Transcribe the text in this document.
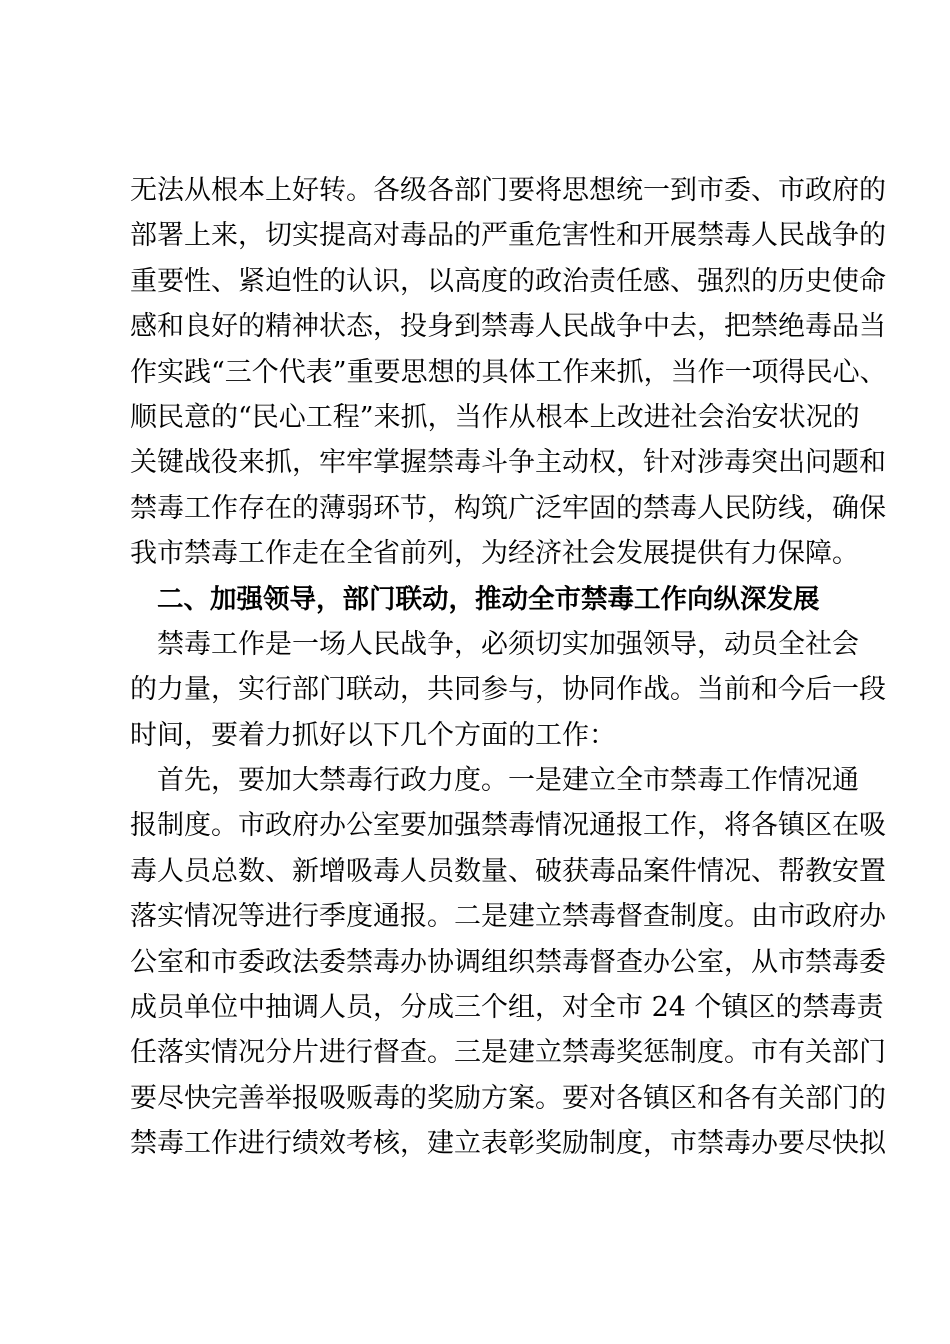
无法从根本上好转。各级各部门要将思想统一到市委、市政府的
部署上来，切实提高对毒品的严重危害性和开展禁毒人民战争的
重要性、紧迫性的认识，以高度的政治责任感、强烈的历史使命
感和良好的精神状态，投身到禁毒人民战争中去，把禁绝毒品当
作实践“三个代表”重要思想的具体工作来抓，当作一项得民心、
顺民意的“民心工程”来抓，当作从根本上改进社会治安状况的
关键战役来抓，牢牢掌握禁毒斗争主动权，针对涉毒突出问题和
禁毒工作存在的薄弱环节，构筑广泛牢固的禁毒人民防线，确保
我市禁毒工作走在全省前列，为经济社会发展提供有力保障。
二、加强领导，部门联动，推动全市禁毒工作向纵深发展
禁毒工作是一场人民战争，必须切实加强领导，动员全社会
的力量，实行部门联动，共同参与，协同作战。当前和今后一段
时间，要着力抓好以下几个方面的工作：
首先，要加大禁毒行政力度。一是建立全市禁毒工作情况通
报制度。市政府办公室要加强禁毒情况通报工作，将各镇区在吸
毒人员总数、新增吸毒人员数量、破获毒品案件情况、帮教安置
落实情况等进行季度通报。二是建立禁毒督查制度。由市政府办
公室和市委政法委禁毒办协调组织禁毒督查办公室，从市禁毒委
成员单位中抽调人员，分成三个组，对全市 24 个镇区的禁毒责
任落实情况分片进行督查。三是建立禁毒奖惩制度。市有关部门
要尽快完善举报吸贩毒的奖励方案。要对各镇区和各有关部门的
禁毒工作进行绩效考核，建立表彰奖励制度，市禁毒办要尽快拟
